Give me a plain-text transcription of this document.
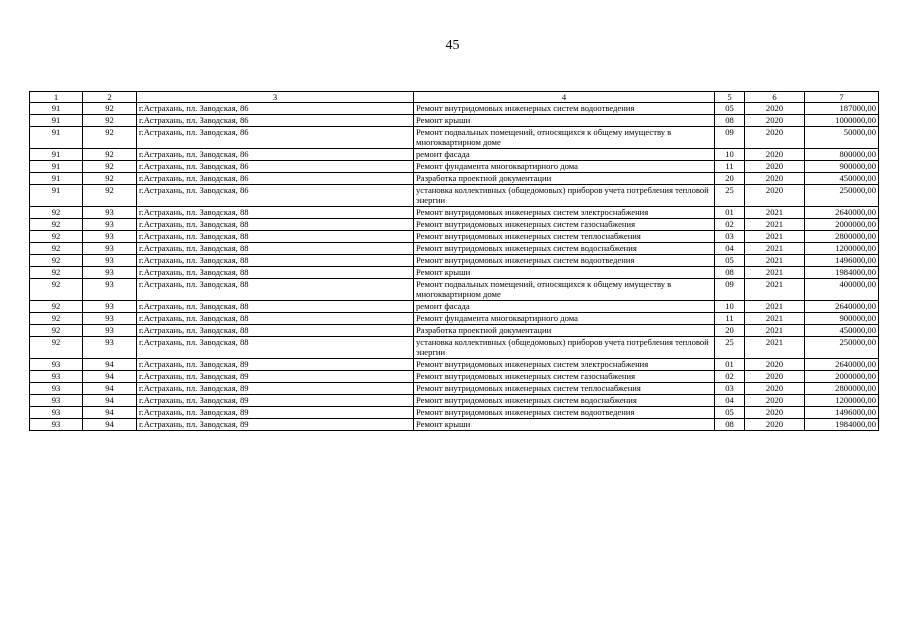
45
1	2	3	4	5	6	7
91	92	г.Астрахань, пл. Заводская, 86	Ремонт внутридомовых инженерных систем водоотведения	05	2020	187000,00
91	92	г.Астрахань, пл. Заводская, 86	Ремонт крыши	08	2020	1000000,00
91	92	г.Астрахань, пл. Заводская, 86	Ремонт подвальных помещений, относящихся к общему имуществу в многоквартирном доме	09	2020	50000,00
91	92	г.Астрахань, пл. Заводская, 86	ремонт фасада	10	2020	800000,00
91	92	г.Астрахань, пл. Заводская, 86	Ремонт фундамента многоквартирного дома	11	2020	900000,00
91	92	г.Астрахань, пл. Заводская, 86	Разработка проектной документации	20	2020	450000,00
91	92	г.Астрахань, пл. Заводская, 86	установка коллективных (общедомовых) приборов учета потребления тепловой энергии	25	2020	250000,00
92	93	г.Астрахань, пл. Заводская, 88	Ремонт внутридомовых инженерных систем электроснабжения	01	2021	2640000,00
92	93	г.Астрахань, пл. Заводская, 88	Ремонт внутридомовых инженерных систем газоснабжения	02	2021	2000000,00
92	93	г.Астрахань, пл. Заводская, 88	Ремонт внутридомовых инженерных систем теплоснабжения	03	2021	2800000,00
92	93	г.Астрахань, пл. Заводская, 88	Ремонт внутридомовых инженерных систем водоснабжения	04	2021	1200000,00
92	93	г.Астрахань, пл. Заводская, 88	Ремонт внутридомовых инженерных систем водоотведения	05	2021	1496000,00
92	93	г.Астрахань, пл. Заводская, 88	Ремонт крыши	08	2021	1984000,00
92	93	г.Астрахань, пл. Заводская, 88	Ремонт подвальных помещений, относящихся к общему имуществу в многоквартирном доме	09	2021	400000,00
92	93	г.Астрахань, пл. Заводская, 88	ремонт фасада	10	2021	2640000,00
92	93	г.Астрахань, пл. Заводская, 88	Ремонт фундамента многоквартирного дома	11	2021	900000,00
92	93	г.Астрахань, пл. Заводская, 88	Разработка проектной документации	20	2021	450000,00
92	93	г.Астрахань, пл. Заводская, 88	установка коллективных (общедомовых) приборов учета потребления тепловой энергии	25	2021	250000,00
93	94	г.Астрахань, пл. Заводская, 89	Ремонт внутридомовых инженерных систем электроснабжения	01	2020	2640000,00
93	94	г.Астрахань, пл. Заводская, 89	Ремонт внутридомовых инженерных систем газоснабжения	02	2020	2000000,00
93	94	г.Астрахань, пл. Заводская, 89	Ремонт внутридомовых инженерных систем теплоснабжения	03	2020	2800000,00
93	94	г.Астрахань, пл. Заводская, 89	Ремонт внутридомовых инженерных систем водоснабжения	04	2020	1200000,00
93	94	г.Астрахань, пл. Заводская, 89	Ремонт внутридомовых инженерных систем водоотведения	05	2020	1496000,00
93	94	г.Астрахань, пл. Заводская, 89	Ремонт крыши	08	2020	1984000,00
